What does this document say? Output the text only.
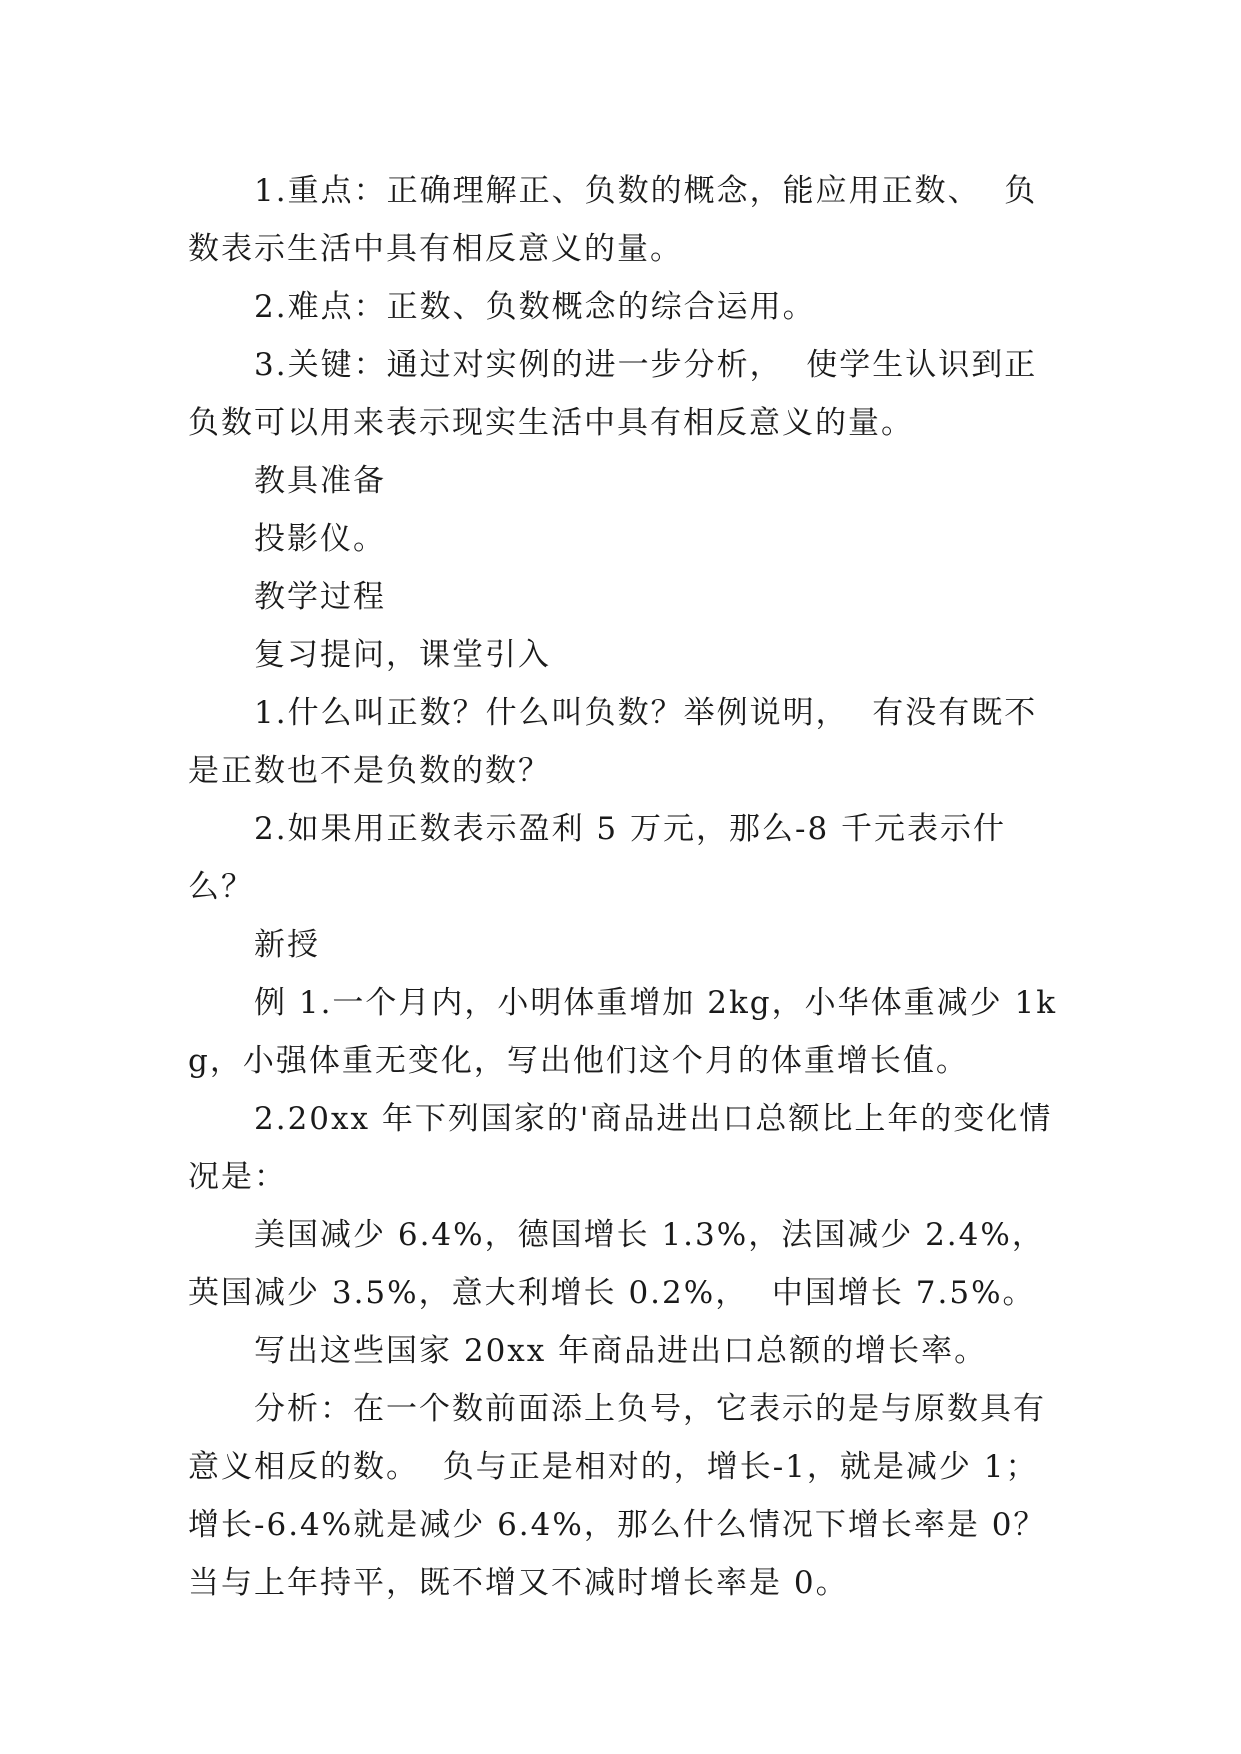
1.重点：正确理解正、负数的概念，能应用正数、  负数表示生活中具有相反意义的量。

2.难点：正数、负数概念的综合运用。

3.关键：通过对实例的进一步分析，  使学生认识到正负数可以用来表示现实生活中具有相反意义的量。

教具准备

投影仪。

教学过程

复习提问，课堂引入

1.什么叫正数？什么叫负数？举例说明，  有没有既不是正数也不是负数的数？

2.如果用正数表示盈利 5 万元，那么-8 千元表示什么？

新授

例 1.一个月内，小明体重增加 2kg，小华体重减少 1kg，小强体重无变化，写出他们这个月的体重增长值。

2.20xx 年下列国家的'商品进出口总额比上年的变化情况是：

美国减少 6.4%，德国增长 1.3%，法国减少 2.4%，英国减少 3.5%，意大利增长 0.2%，  中国增长 7.5%。

写出这些国家 20xx 年商品进出口总额的增长率。

分析：在一个数前面添上负号，它表示的是与原数具有意义相反的数。  负与正是相对的，增长-1，就是减少 1；增长-6.4%就是减少 6.4%，那么什么情况下增长率是 0？当与上年持平，既不增又不减时增长率是 0。
